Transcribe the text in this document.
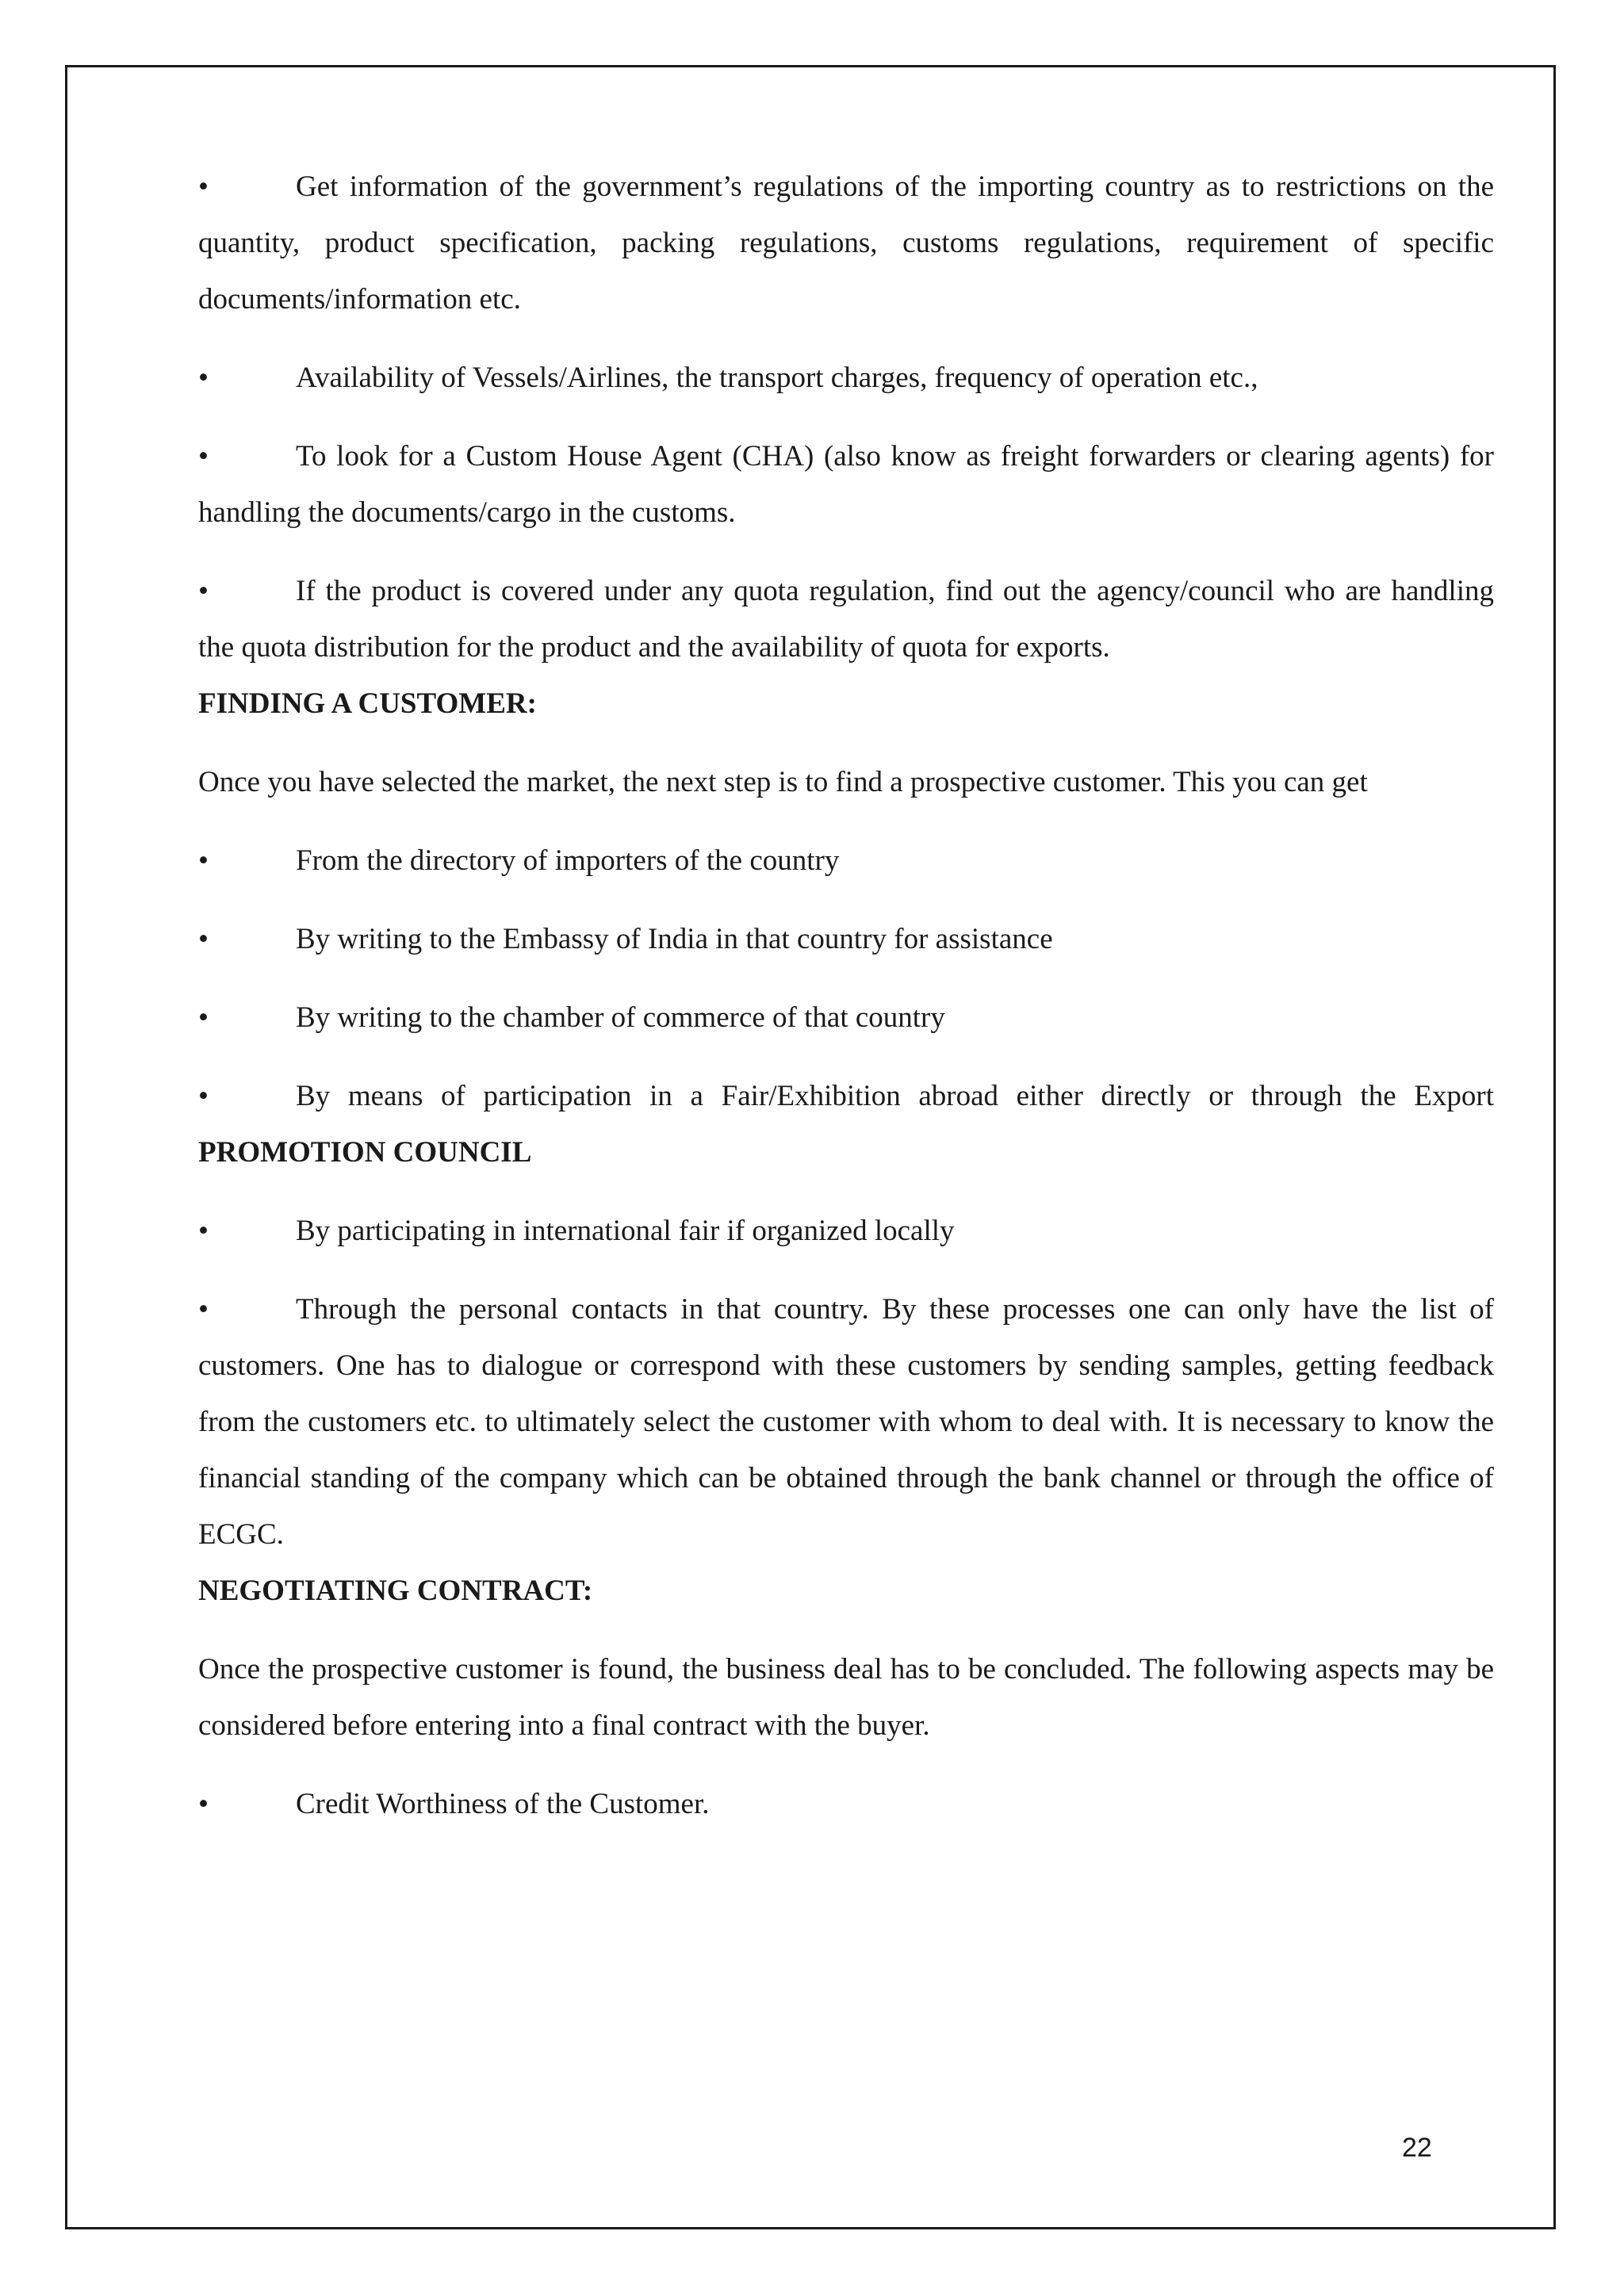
•	Get information of the government’s regulations of the importing country as to restrictions on the quantity, product specification, packing regulations, customs regulations, requirement of specific documents/information etc.

•	Availability of Vessels/Airlines, the transport charges, frequency of operation etc.,

•	To look for a Custom House Agent (CHA) (also know as freight forwarders or clearing agents) for handling the documents/cargo in the customs.

•	If the product is covered under any quota regulation, find out the agency/council who are handling the quota distribution for the product and the availability of quota for exports.

FINDING A CUSTOMER:

Once you have selected the market, the next step is to find a prospective customer. This you can get

•	From the directory of importers of the country

•	By writing to the Embassy of India in that country for assistance

•	By writing to the chamber of commerce of that country

•	By means of participation in a Fair/Exhibition abroad either directly or through the Export PROMOTION COUNCIL

•	By participating in international fair if organized locally

•	Through the personal contacts in that country. By these processes one can only have the list of customers. One has to dialogue or correspond with these customers by sending samples, getting feedback from the customers etc. to ultimately select the customer with whom to deal with. It is necessary to know the financial standing of the company which can be obtained through the bank channel or through the office of ECGC.

NEGOTIATING CONTRACT:

Once the prospective customer is found, the business deal has to be concluded. The following aspects may be considered before entering into a final contract with the buyer.

•	Credit Worthiness of the Customer.

22
